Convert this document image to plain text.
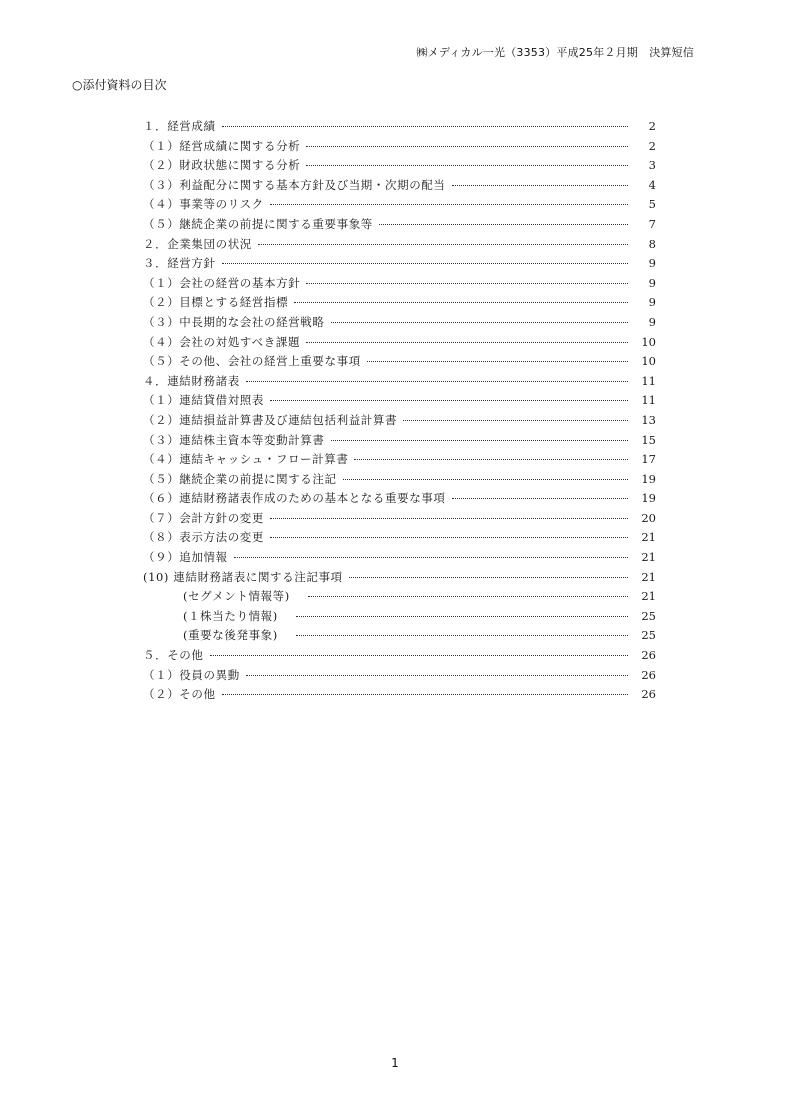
㈱メディカル一光（3353）平成25年２月期　決算短信
○添付資料の目次
１．経営成績	2
（１）経営成績に関する分析	2
（２）財政状態に関する分析	3
（３）利益配分に関する基本方針及び当期・次期の配当	4
（４）事業等のリスク	5
（５）継続企業の前提に関する重要事象等	7
２．企業集団の状況	8
３．経営方針	9
（１）会社の経営の基本方針	9
（２）目標とする経営指標	9
（３）中長期的な会社の経営戦略	9
（４）会社の対処すべき課題	10
（５）その他、会社の経営上重要な事項	10
４．連結財務諸表	11
（１）連結貸借対照表	11
（２）連結損益計算書及び連結包括利益計算書	13
（３）連結株主資本等変動計算書	15
（４）連結キャッシュ・フロー計算書	17
（５）継続企業の前提に関する注記	19
（６）連結財務諸表作成のための基本となる重要な事項	19
（７）会計方針の変更	20
（８）表示方法の変更	21
（９）追加情報	21
(10) 連結財務諸表に関する注記事項	21
(セグメント情報等)	21
(１株当たり情報)	25
(重要な後発事象)	25
５．その他	26
（１）役員の異動	26
（２）その他	26
1
